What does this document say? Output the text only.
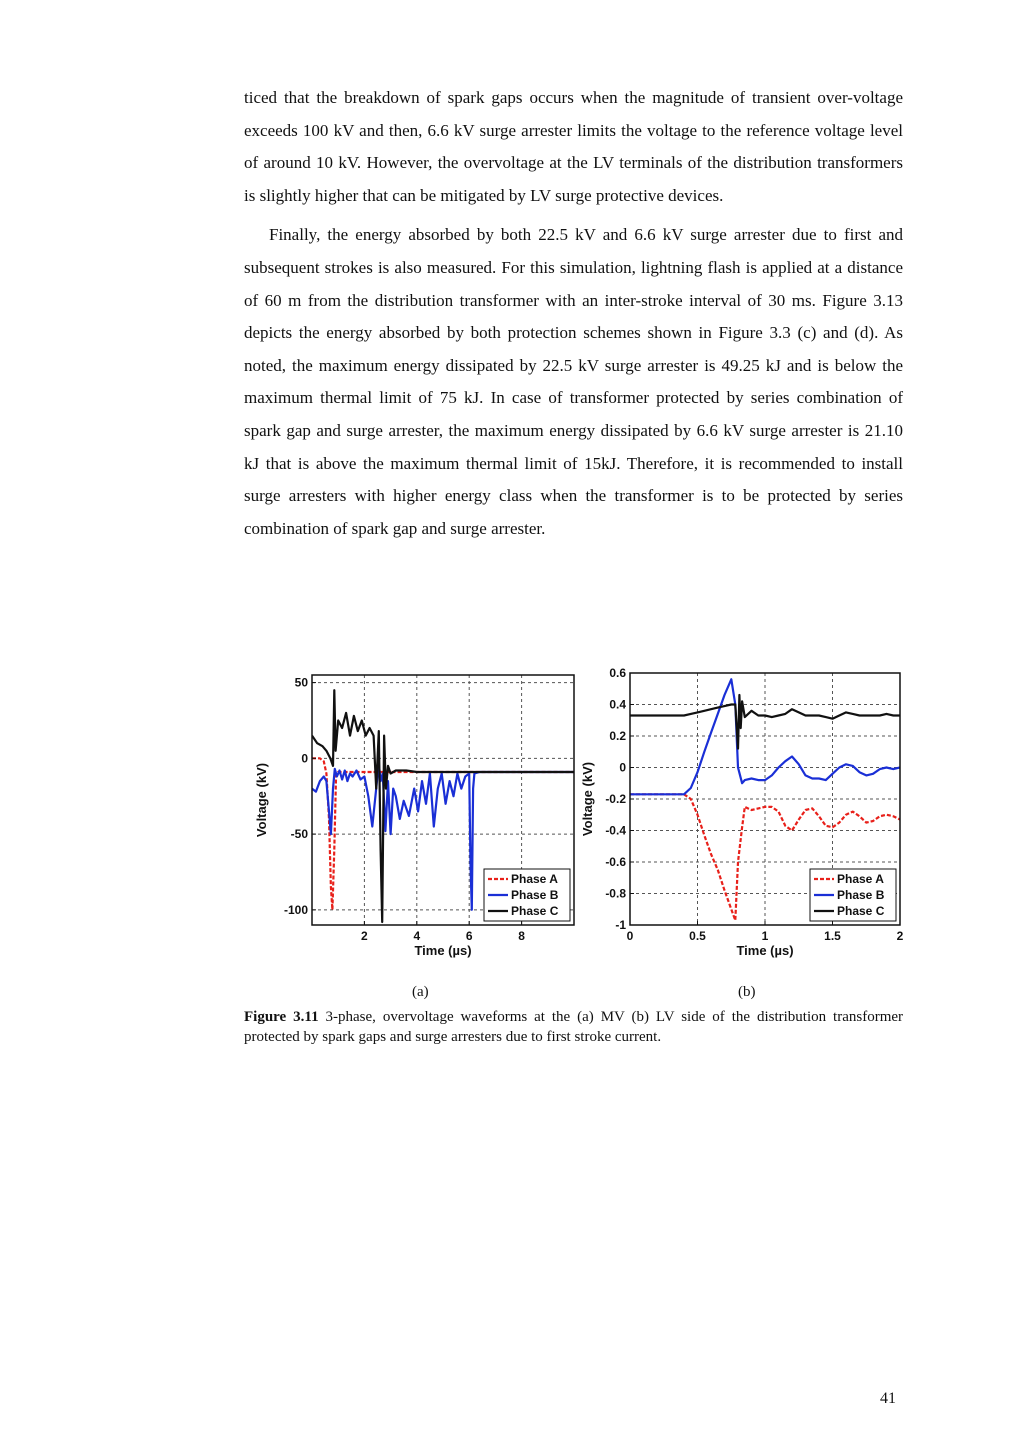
ticed that the breakdown of spark gaps occurs when the magnitude of transient over-voltage exceeds 100 kV and then, 6.6 kV surge arrester limits the voltage to the reference voltage level of around 10 kV. However, the overvoltage at the LV terminals of the distribution transformers is slightly higher that can be mitigated by LV surge protective devices.

Finally, the energy absorbed by both 22.5 kV and 6.6 kV surge arrester due to first and subsequent strokes is also measured. For this simulation, lightning flash is applied at a distance of 60 m from the distribution transformer with an inter-stroke interval of 30 ms. Figure 3.13 depicts the energy absorbed by both protection schemes shown in Figure 3.3 (c) and (d). As noted, the maximum energy dissipated by 22.5 kV surge arrester is 49.25 kJ and is below the maximum thermal limit of 75 kJ. In case of transformer protected by series combination of spark gap and surge arrester, the maximum energy dissipated by 6.6 kV surge arrester is 21.10 kJ that is above the maximum thermal limit of 15kJ. Therefore, it is recommended to install surge arresters with higher energy class when the transformer is to be protected by series combination of spark gap and surge arrester.

2	4	6	8
50
0
-50
-100
Time (µs)
Voltage (kV)
Phase A
Phase B
Phase C
0	0.5	1	1.5	2
0.6
0.4
0.2
0
-0.2
-0.4
-0.6
-0.8
-1
Time (µs)
Voltage (kV)
Phase A
Phase B
Phase C
(a)	(b)
Figure 3.11 3-phase, overvoltage waveforms at the (a) MV (b) LV side of the distribution transformer protected by spark gaps and surge arresters due to first stroke current.
41
